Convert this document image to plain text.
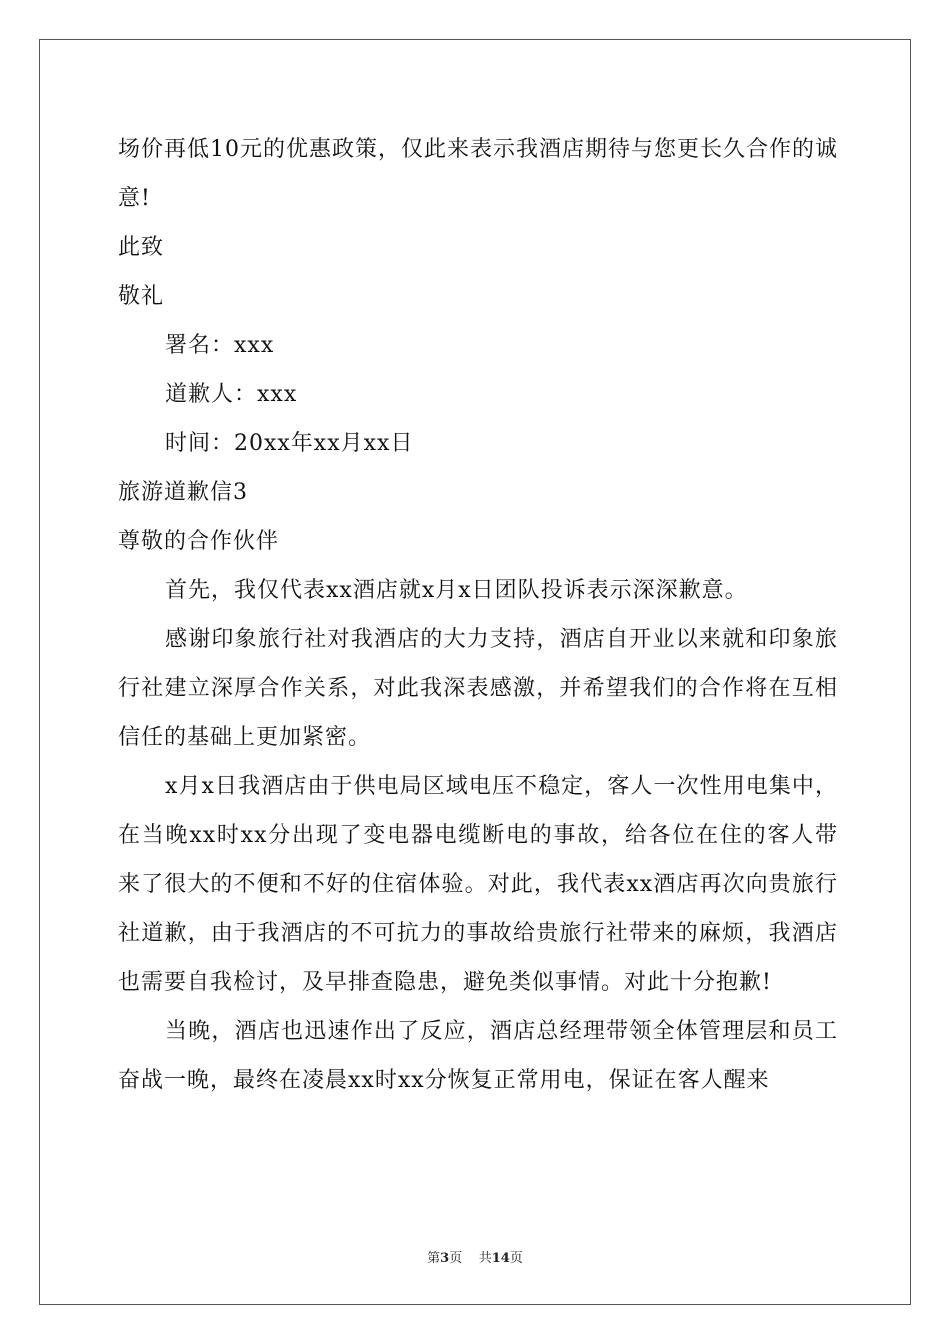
场价再低10元的优惠政策，仅此来表示我酒店期待与您更长久合作的诚意!

此致

敬礼

署名：xxx

道歉人：xxx

时间：20xx年xx月xx日

旅游道歉信3

尊敬的合作伙伴

首先，我仅代表xx酒店就x月x日团队投诉表示深深歉意。

感谢印象旅行社对我酒店的大力支持，酒店自开业以来就和印象旅行社建立深厚合作关系，对此我深表感激，并希望我们的合作将在互相信任的基础上更加紧密。

x月x日我酒店由于供电局区域电压不稳定，客人一次性用电集中，在当晚xx时xx分出现了变电器电缆断电的事故，给各位在住的客人带来了很大的不便和不好的住宿体验。对此，我代表xx酒店再次向贵旅行社道歉，由于我酒店的不可抗力的事故给贵旅行社带来的麻烦，我酒店也需要自我检讨，及早排查隐患，避免类似事情。对此十分抱歉!

当晚，酒店也迅速作出了反应，酒店总经理带领全体管理层和员工奋战一晚，最终在凌晨xx时xx分恢复正常用电，保证在客人醒来

第3页 共14页
